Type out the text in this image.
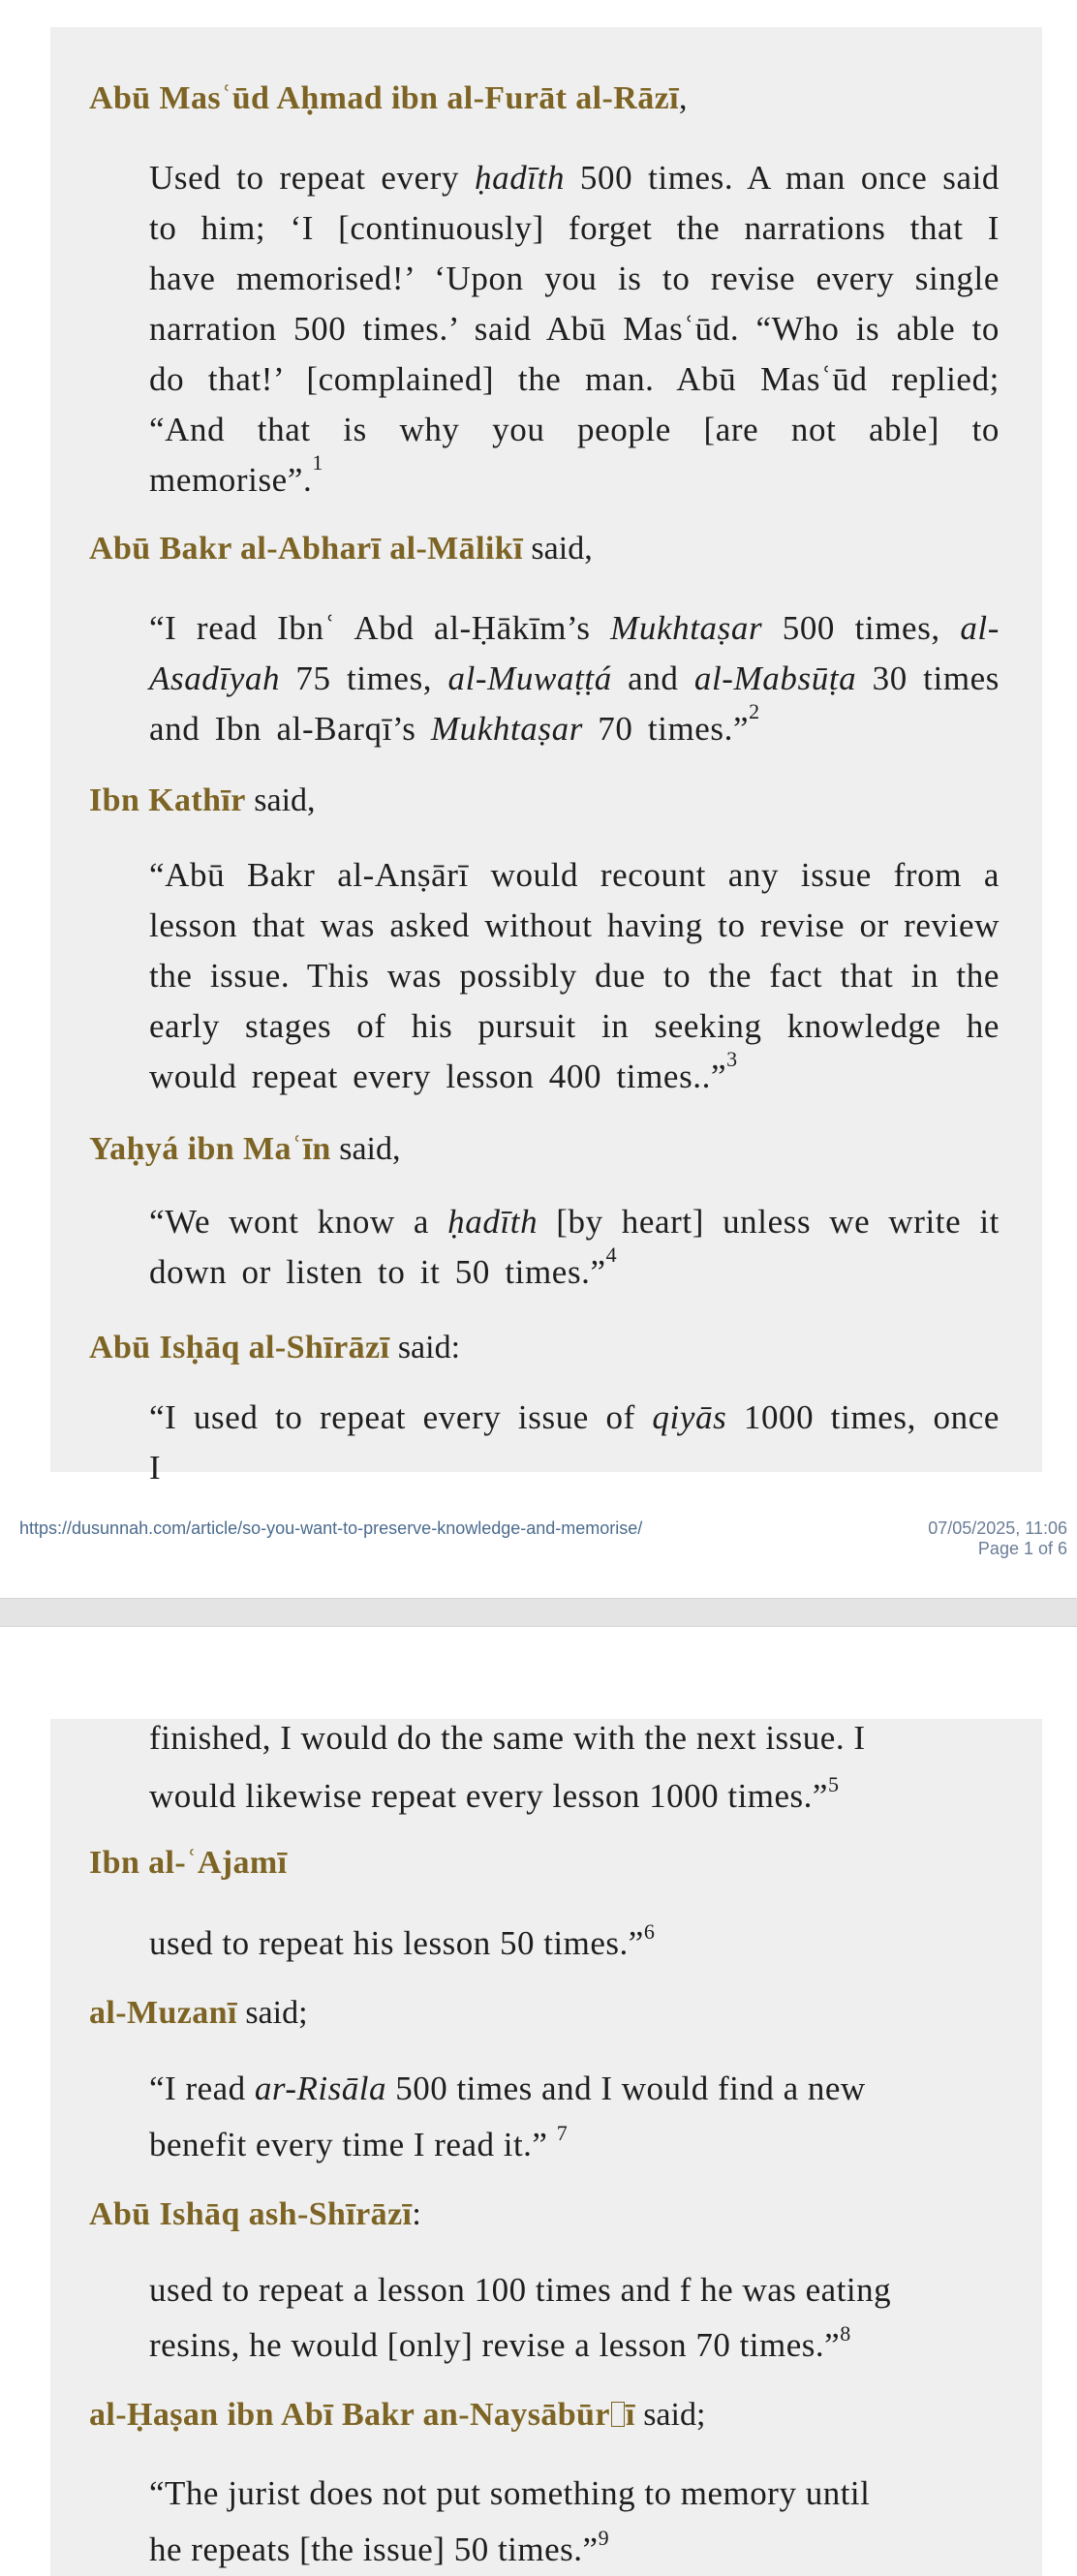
Abū Masʿūd Aḥmad ibn al-Furāt al-Rāzī,

Used to repeat every ḥadīth 500 times. A man once said to him; ‘I [continuously] forget the narrations that I have memorised!’ ‘Upon you is to revise every single narration 500 times.’ said Abū Masʿūd. “Who is able to do that!’ [complained] the man. Abū Masʿūd replied; “And that is why you people [are not able] to memorise”.$^1$

Abū Bakr al-Abharī al-Mālikī said,

“I read Ibnʿ Abd al-Ḥākīm’s Mukhtaṣar 500 times, al-Asadīyah 75 times, al-Muwaṭṭá and al-Mabsūṭa 30 times and Ibn al-Barqī’s Mukhtaṣar 70 times.”$^2$

Ibn Kathīr said,

“Abū Bakr al-Anṣārī would recount any issue from a lesson that was asked without having to revise or review the issue. This was possibly due to the fact that in the early stages of his pursuit in seeking knowledge he would repeat every lesson 400 times..”$^3$

Yaḥyá ibn Maʿīn said,

“We wont know a ḥadīth [by heart] unless we write it down or listen to it 50 times.”$^4$

Abū Isḥāq al-Shīrāzī said:

“I used to repeat every issue of qiyās 1000 times, once I

https://dusunnah.com/article/so-you-want-to-preserve-knowledge-and-memorise/	07/05/2025, 11:06
Page 1 of 6
finished, I would do the same with the next issue. I
would likewise repeat every lesson 1000 times.”$^5$
Ibn al-ʿAjamī
used to repeat his lesson 50 times.”$^6$
al-Muzanī said;
“I read ar-Risāla 500 times and I would find a new
benefit every time I read it.” $^7$
Abū Ishāq ash-Shīrāzī:
used to repeat a lesson 100 times and f he was eating
resins, he would [only] revise a lesson 70 times.”$^8$
al-Ḥaṣan ibn Abī Bakr an-Naysābūr ī said;
“The jurist does not put something to memory until
he repeats [the issue] 50 times.”$^9$
